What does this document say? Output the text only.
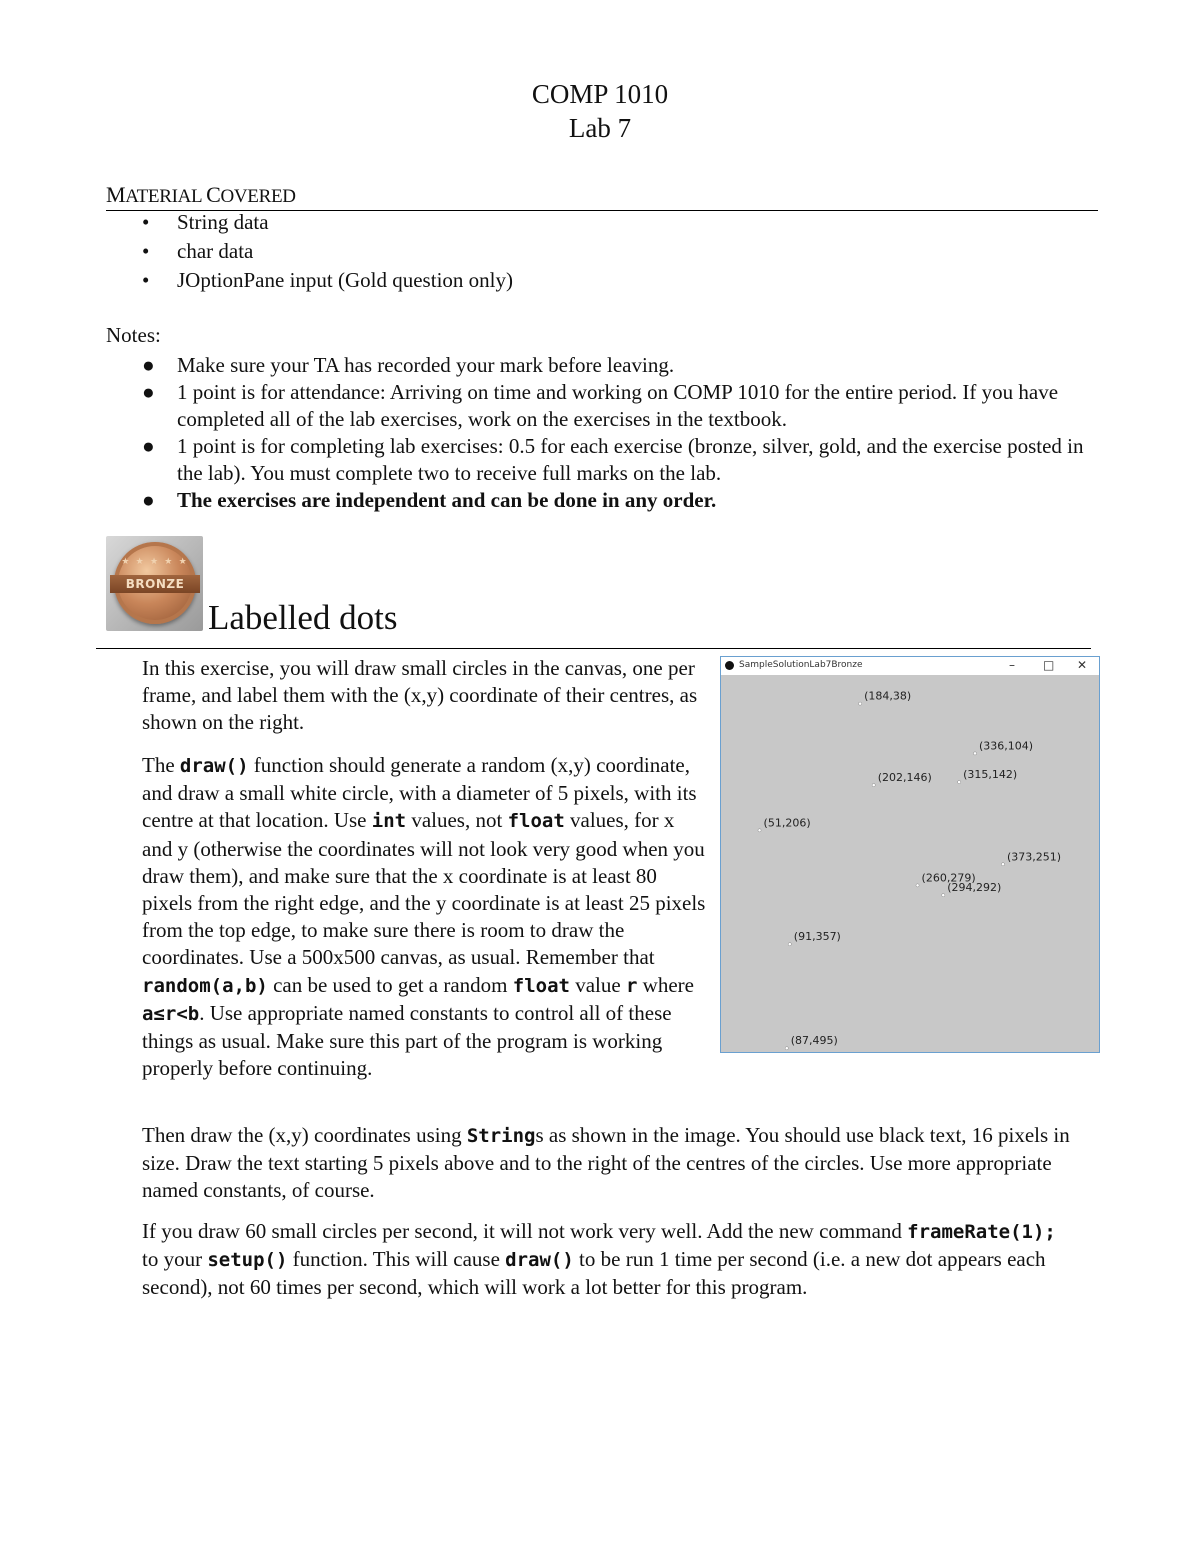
COMP 1010
Lab 7
MATERIAL COVERED
• String data
• char data
• JOptionPane input (Gold question only)
Notes:
● Make sure your TA has recorded your mark before leaving.
● 1 point is for attendance: Arriving on time and working on COMP 1010 for the entire period. If you have completed all of the lab exercises, work on the exercises in the textbook.
● 1 point is for completing lab exercises: 0.5 for each exercise (bronze, silver, gold, and the exercise posted in the lab). You must complete two to receive full marks on the lab.
● The exercises are independent and can be done in any order.
★ ★ ★ ★ ★
BRONZE
Labelled dots

In this exercise, you will draw small circles in the canvas, one per frame, and label them with the (x,y) coordinate of their centres, as shown on the right.

The draw() function should generate a random (x,y) coordinate, and draw a small white circle, with a diameter of 5 pixels, with its centre at that location. Use int values, not float values, for x and y (otherwise the coordinates will not look very good when you draw them), and make sure that the x coordinate is at least 80 pixels from the right edge, and the y coordinate is at least 25 pixels from the top edge, to make sure there is room to draw the coordinates. Use a 500x500 canvas, as usual. Remember that random(a,b) can be used to get a random float value r where a≤r<b. Use appropriate named constants to control all of these things as usual. Make sure this part of the program is working properly before continuing.

Then draw the (x,y) coordinates using Strings as shown in the image. You should use black text, 16 pixels in size. Draw the text starting 5 pixels above and to the right of the centres of the circles. Use more appropriate named constants, of course.

If you draw 60 small circles per second, it will not work very well. Add the new command frameRate(1); to your setup() function. This will cause draw() to be run 1 time per second (i.e. a new dot appears each second), not 60 times per second, which will work a lot better for this program.

SampleSolutionLab7Bronze	– □ ✕
(184,38)
(336,104)
(202,146)	(315,142)
(51,206)
(373,251)
(260,279)
(294,292)
(91,357)
(87,495)
